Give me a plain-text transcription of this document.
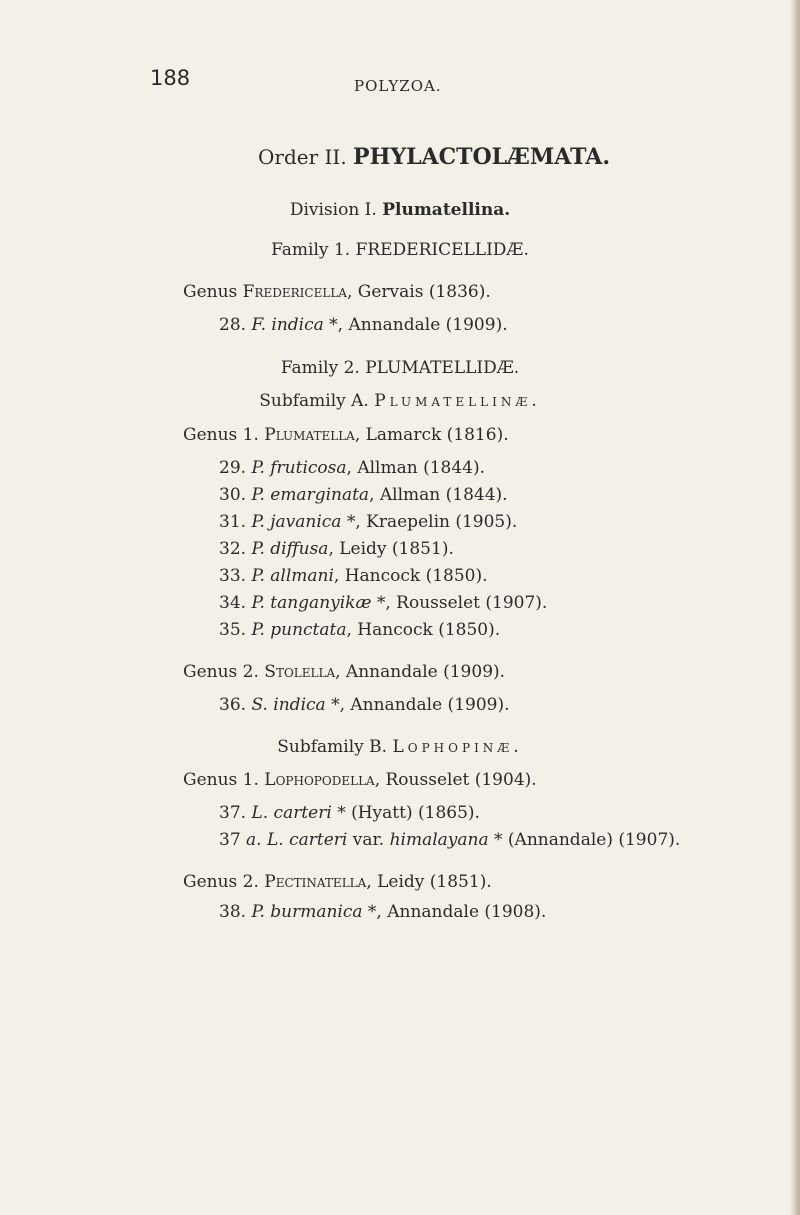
188	POLYZOA.
Order II. PHYLACTOLÆMATA.
Division I. Plumatellina.
Family 1. FREDERICELLIDÆ.
Genus Fredericella, Gervais (1836).
28. F. indica *, Annandale (1909).
Family 2. PLUMATELLIDÆ.
Subfamily A. Plumatellinæ.
Genus 1. Plumatella, Lamarck (1816).
29. P. fruticosa, Allman (1844).
30. P. emarginata, Allman (1844).
31. P. javanica *, Kraepelin (1905).
32. P. diffusa, Leidy (1851).
33. P. allmani, Hancock (1850).
34. P. tanganyikæ *, Rousselet (1907).
35. P. punctata, Hancock (1850).
Genus 2. Stolella, Annandale (1909).
36. S. indica *, Annandale (1909).
Subfamily B. Lophopinæ.
Genus 1. Lophopodella, Rousselet (1904).
37. L. carteri * (Hyatt) (1865).
37 a. L. carteri var. himalayana * (Annandale) (1907).
Genus 2. Pectinatella, Leidy (1851).
38. P. burmanica *, Annandale (1908).
